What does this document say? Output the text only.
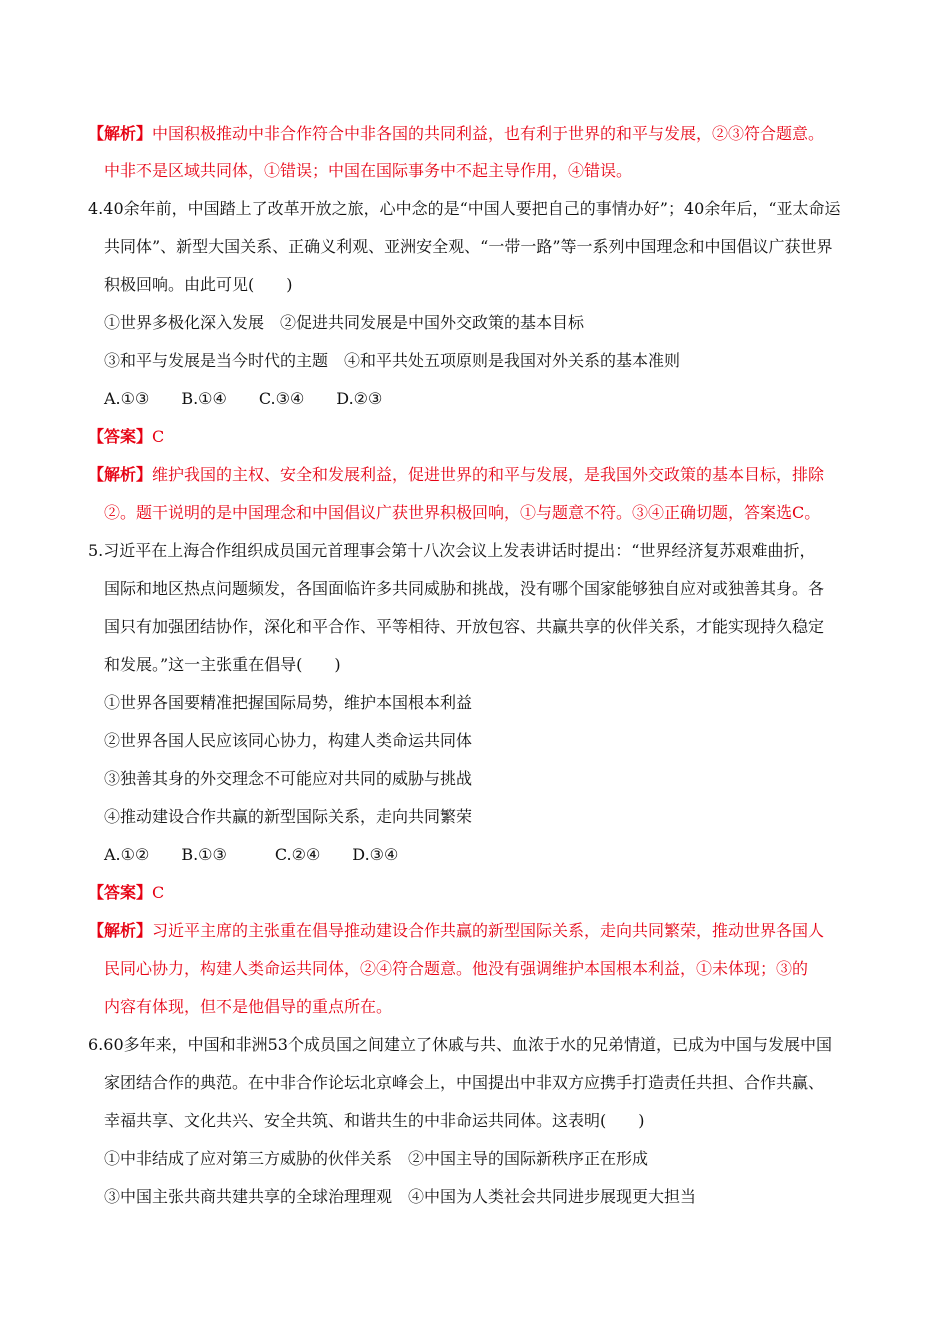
【解析】中国积极推动中非合作符合中非各国的共同利益，也有利于世界的和平与发展，②③符合题意。
中非不是区域共同体，①错误；中国在国际事务中不起主导作用，④错误。
4.40余年前，中国踏上了改革开放之旅，心中念的是“中国人要把自己的事情办好”；40余年后，“亚太命运
共同体”、新型大国关系、正确义利观、亚洲安全观、“一带一路”等一系列中国理念和中国倡议广获世界
积极回响。由此可见(　　)
①世界多极化深入发展　②促进共同发展是中国外交政策的基本目标
③和平与发展是当今时代的主题　④和平共处五项原则是我国对外关系的基本准则
A.①③　　B.①④　　C.③④　　D.②③
【答案】C
【解析】维护我国的主权、安全和发展利益，促进世界的和平与发展，是我国外交政策的基本目标，排除
②。题干说明的是中国理念和中国倡议广获世界积极回响，①与题意不符。③④正确切题，答案选C。
5.习近平在上海合作组织成员国元首理事会第十八次会议上发表讲话时提出：“世界经济复苏艰难曲折，
国际和地区热点问题频发，各国面临许多共同威胁和挑战，没有哪个国家能够独自应对或独善其身。各
国只有加强团结协作，深化和平合作、平等相待、开放包容、共赢共享的伙伴关系，才能实现持久稳定
和发展。”这一主张重在倡导(　　)
①世界各国要精准把握国际局势，维护本国根本利益
②世界各国人民应该同心协力，构建人类命运共同体
③独善其身的外交理念不可能应对共同的威胁与挑战
④推动建设合作共赢的新型国际关系，走向共同繁荣
A.①②　　B.①③　　　C.②④　　D.③④
【答案】C
【解析】习近平主席的主张重在倡导推动建设合作共赢的新型国际关系，走向共同繁荣，推动世界各国人
民同心协力，构建人类命运共同体，②④符合题意。他没有强调维护本国根本利益，①未体现；③的
内容有体现，但不是他倡导的重点所在。
6.60多年来，中国和非洲53个成员国之间建立了休戚与共、血浓于水的兄弟情道，已成为中国与发展中国
家团结合作的典范。在中非合作论坛北京峰会上，中国提出中非双方应携手打造责任共担、合作共赢、
幸福共享、文化共兴、安全共筑、和谐共生的中非命运共同体。这表明(　　)
①中非结成了应对第三方威胁的伙伴关系　②中国主导的国际新秩序正在形成
③中国主张共商共建共享的全球治理理观　④中国为人类社会共同进步展现更大担当
